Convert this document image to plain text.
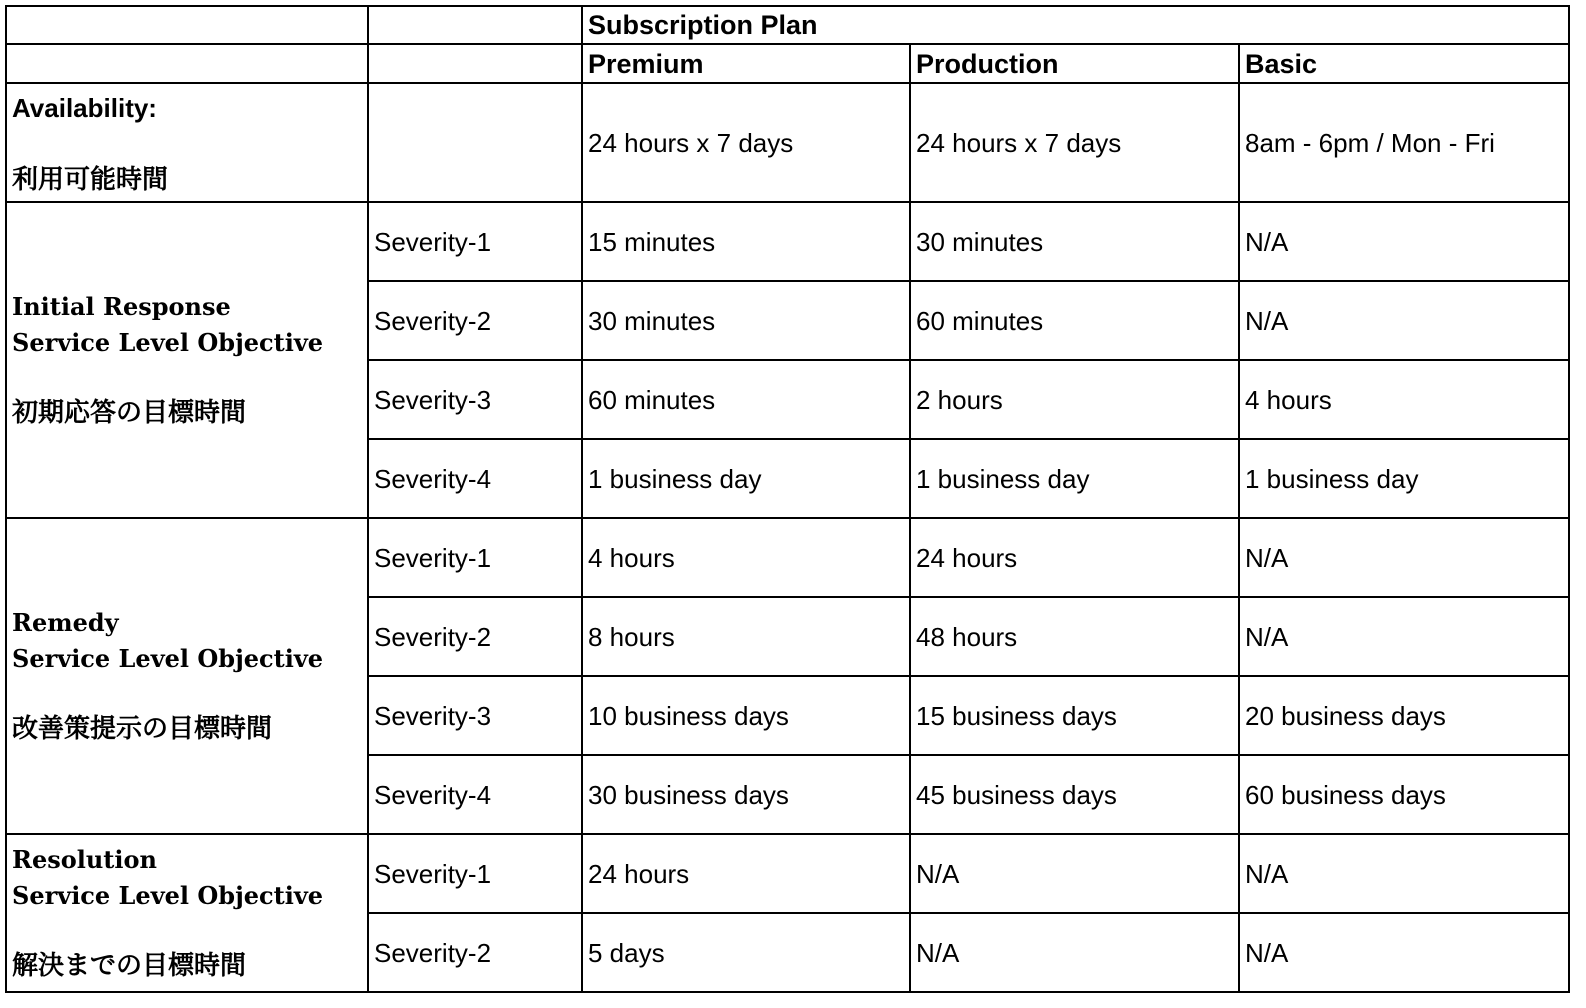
		Subscription Plan		
		Premium	Production	Basic

Availability:
利用可能時間		24 hours x 7 days	24 hours x 7 days	8am - 6pm / Mon - Fri

Initial Response
Service Level Objective
初期応答の目標時間	Severity-1	15 minutes	30 minutes	N/A
	Severity-2	30 minutes	60 minutes	N/A
	Severity-3	60 minutes	2 hours	4 hours
	Severity-4	1 business day	1 business day	1 business day

Remedy
Service Level Objective
改善策提示の目標時間	Severity-1	4 hours	24 hours	N/A
	Severity-2	8 hours	48 hours	N/A
	Severity-3	10 business days	15 business days	20 business days
	Severity-4	30 business days	45 business days	60 business days

Resolution
Service Level Objective
解決までの目標時間	Severity-1	24 hours	N/A	N/A
	Severity-2	5 days	N/A	N/A
